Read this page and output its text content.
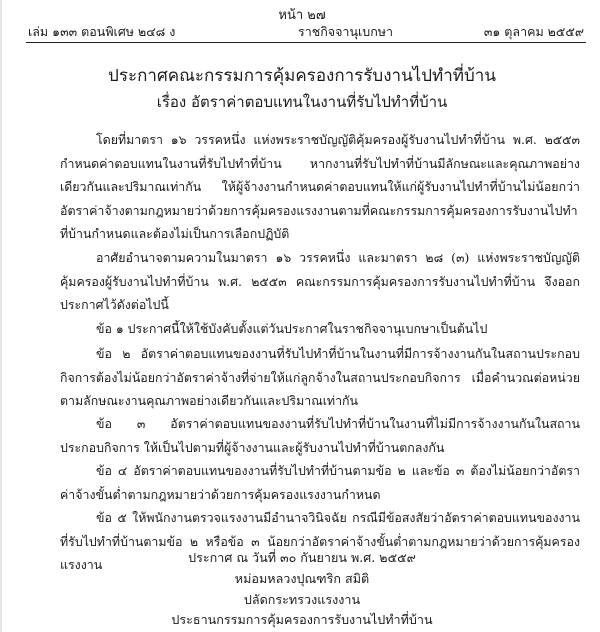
หน้า ๒๗
เล่ม ๑๓๓ ตอนพิเศษ ๒๔๘ ง	ราชกิจจานุเบกษา	๓๑ ตุลาคม ๒๕๕๙
ประกาศคณะกรรมการคุ้มครองการรับงานไปทำที่บ้าน
เรื่อง อัตราค่าตอบแทนในงานที่รับไปทำที่บ้าน
โดยที่มาตรา ๑๖ วรรคหนึ่ง แห่งพระราชบัญญัติคุ้มครองผู้รับงานไปทำที่บ้าน พ.ศ. ๒๕๕๓ กำหนดค่าตอบแทนในงานที่รับไปทำที่บ้าน หากงานที่รับไปทำที่บ้านมีลักษณะและคุณภาพอย่างเดียวกันและปริมาณเท่ากัน ให้ผู้จ้างงานกำหนดค่าตอบแทนให้แก่ผู้รับงานไปทำที่บ้านไม่น้อยกว่าอัตราค่าจ้างตามกฎหมายว่าด้วยการคุ้มครองแรงงานตามที่คณะกรรมการคุ้มครองการรับงานไปทำที่บ้านกำหนดและต้องไม่เป็นการเลือกปฏิบัติ
อาศัยอำนาจตามความในมาตรา ๑๖ วรรคหนึ่ง และมาตรา ๒๘ (๓) แห่งพระราชบัญญัติคุ้มครองผู้รับงานไปทำที่บ้าน พ.ศ. ๒๕๕๓ คณะกรรมการคุ้มครองการรับงานไปทำที่บ้าน จึงออกประกาศไว้ดังต่อไปนี้
ข้อ ๑ ประกาศนี้ให้ใช้บังคับตั้งแต่วันประกาศในราชกิจจานุเบกษาเป็นต้นไป
ข้อ ๒ อัตราค่าตอบแทนของงานที่รับไปทำที่บ้านในงานที่มีการจ้างงานกันในสถานประกอบกิจการต้องไม่น้อยกว่าอัตราค่าจ้างที่จ่ายให้แก่ลูกจ้างในสถานประกอบกิจการ เมื่อคำนวณต่อหน่วยตามลักษณะงานคุณภาพอย่างเดียวกันและปริมาณเท่ากัน
ข้อ ๓ อัตราค่าตอบแทนของงานที่รับไปทำที่บ้านในงานที่ไม่มีการจ้างงานกันในสถานประกอบกิจการ ให้เป็นไปตามที่ผู้จ้างงานและผู้รับงานไปทำที่บ้านตกลงกัน
ข้อ ๔ อัตราค่าตอบแทนของงานที่รับไปทำที่บ้านตามข้อ ๒ และข้อ ๓ ต้องไม่น้อยกว่าอัตราค่าจ้างขั้นต่ำตามกฎหมายว่าด้วยการคุ้มครองแรงงานกำหนด
ข้อ ๕ ให้พนักงานตรวจแรงงานมีอำนาจวินิจฉัย กรณีมีข้อสงสัยว่าอัตราค่าตอบแทนของงานที่รับไปทำที่บ้านตามข้อ ๒ หรือข้อ ๓ น้อยกว่าอัตราค่าจ้างขั้นต่ำตามกฎหมายว่าด้วยการคุ้มครองแรงงาน	ประกาศ ณ วันที่ ๓๐ กันยายน พ.ศ. ๒๕๕๙
หม่อมหลวงปุณฑริก สมิติ
ปลัดกระทรวงแรงงาน
ประธานกรรมการคุ้มครองการรับงานไปทำที่บ้าน
